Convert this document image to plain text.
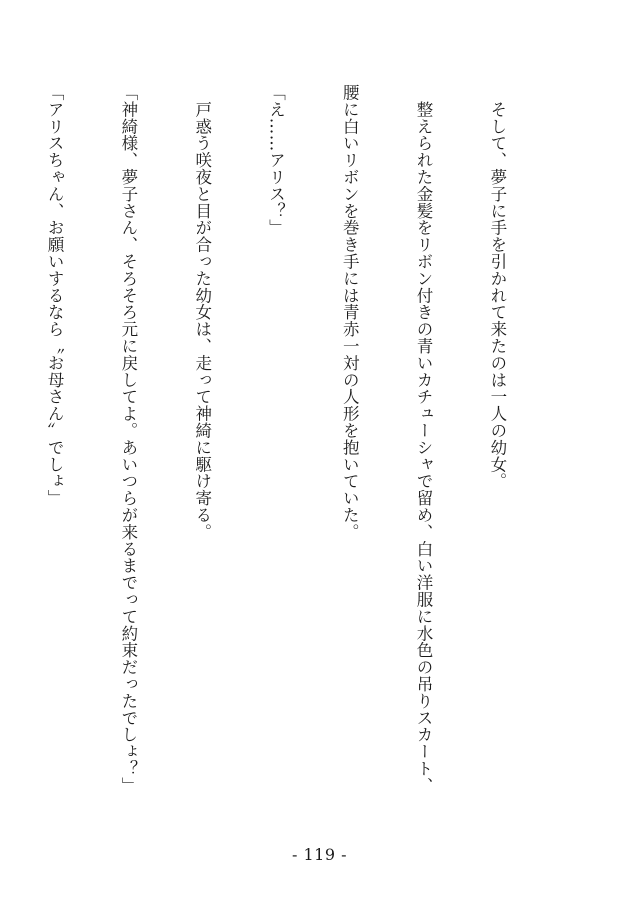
　そして、夢子に手を引かれて来たのは一人の幼女。

　整えられた金髪をリボン付きの青いカチューシャで留め、白い洋服に水色の吊りスカート、

腰に白いリボンを巻き手には青赤一対の人形を抱いていた。

「え……アリス？」

　戸惑う咲夜と目が合った幼女は、走って神綺に駆け寄る。

「神綺様、夢子さん、そろそろ元に戻してよ。あいつらが来るまでって約束だったでしょ？」

「アリスちゃん、お願いするなら〝お母さん〟でしょ」

- 119 -
